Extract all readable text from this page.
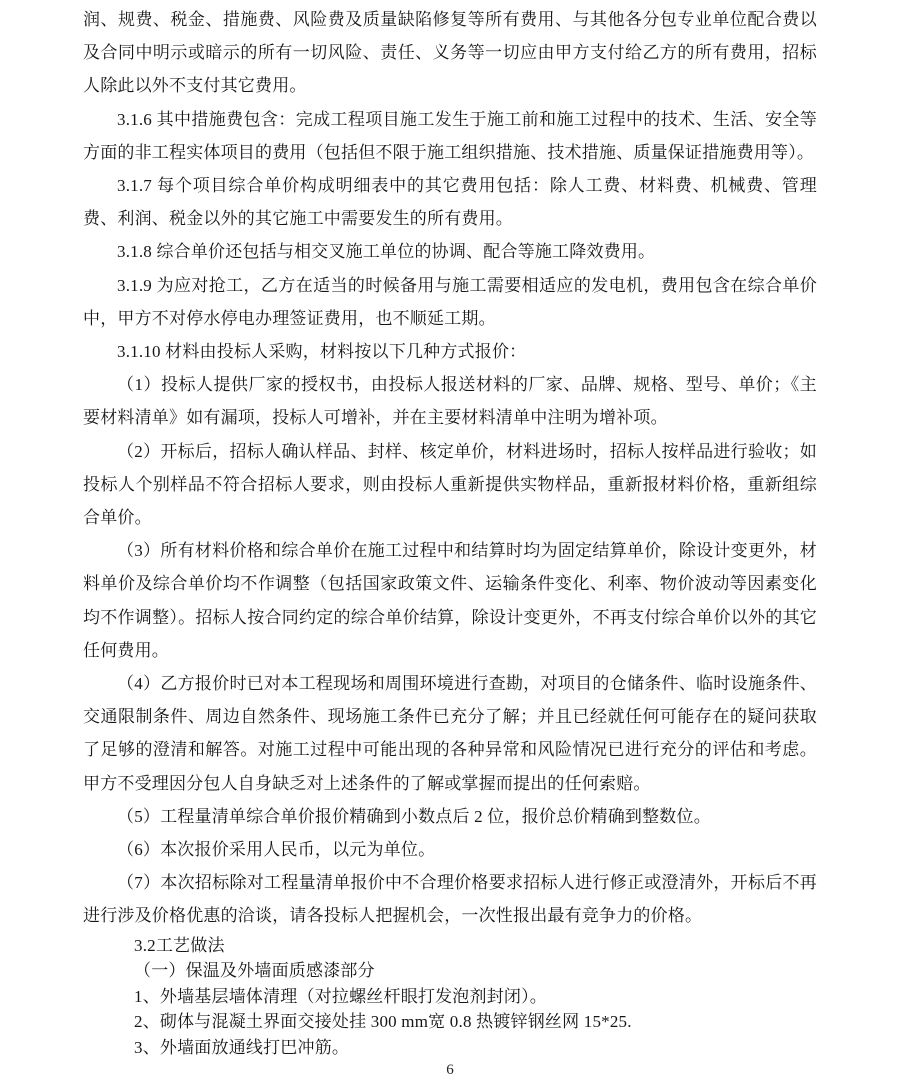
润、规费、税金、措施费、风险费及质量缺陷修复等所有费用、与其他各分包专业单位配合费以及合同中明示或暗示的所有一切风险、责任、义务等一切应由甲方支付给乙方的所有费用，招标人除此以外不支付其它费用。

3.1.6 其中措施费包含：完成工程项目施工发生于施工前和施工过程中的技术、生活、安全等方面的非工程实体项目的费用（包括但不限于施工组织措施、技术措施、质量保证措施费用等）。

3.1.7 每个项目综合单价构成明细表中的其它费用包括：除人工费、材料费、机械费、管理费、利润、税金以外的其它施工中需要发生的所有费用。

3.1.8 综合单价还包括与相交叉施工单位的协调、配合等施工降效费用。

3.1.9 为应对抢工，乙方在适当的时候备用与施工需要相适应的发电机，费用包含在综合单价中，甲方不对停水停电办理签证费用，也不顺延工期。

3.1.10 材料由投标人采购，材料按以下几种方式报价：

（1）投标人提供厂家的授权书，由投标人报送材料的厂家、品牌、规格、型号、单价；《主要材料清单》如有漏项，投标人可增补，并在主要材料清单中注明为增补项。

（2）开标后，招标人确认样品、封样、核定单价，材料进场时，招标人按样品进行验收；如投标人个别样品不符合招标人要求，则由投标人重新提供实物样品，重新报材料价格，重新组综合单价。

（3）所有材料价格和综合单价在施工过程中和结算时均为固定结算单价，除设计变更外，材料单价及综合单价均不作调整（包括国家政策文件、运输条件变化、利率、物价波动等因素变化均不作调整）。招标人按合同约定的综合单价结算，除设计变更外，不再支付综合单价以外的其它任何费用。

（4）乙方报价时已对本工程现场和周围环境进行查勘，对项目的仓储条件、临时设施条件、交通限制条件、周边自然条件、现场施工条件已充分了解；并且已经就任何可能存在的疑问获取了足够的澄清和解答。对施工过程中可能出现的各种异常和风险情况已进行充分的评估和考虑。甲方不受理因分包人自身缺乏对上述条件的了解或掌握而提出的任何索赔。

（5）工程量清单综合单价报价精确到小数点后 2 位，报价总价精确到整数位。

（6）本次报价采用人民币，以元为单位。

（7）本次招标除对工程量清单报价中不合理价格要求招标人进行修正或澄清外，开标后不再进行涉及价格优惠的洽谈，请各投标人把握机会，一次性报出最有竞争力的价格。

3.2工艺做法

（一）保温及外墙面质感漆部分

1、外墙基层墙体清理（对拉螺丝杆眼打发泡剂封闭）。

2、砌体与混凝土界面交接处挂 300 mm宽 0.8 热镀锌钢丝网 15*25.

3、外墙面放通线打巴冲筋。

6
